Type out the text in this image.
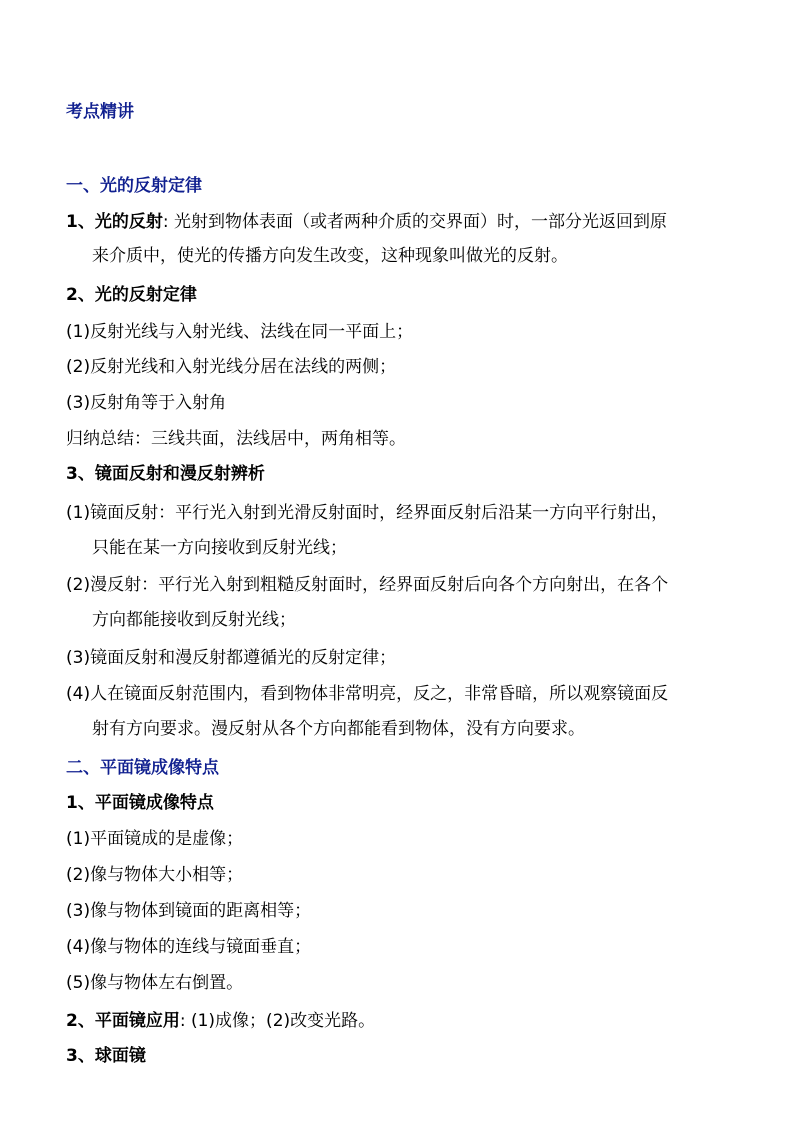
考点精讲
一、光的反射定律
1、光的反射: 光射到物体表面（或者两种介质的交界面）时，一部分光返回到原
来介质中，使光的传播方向发生改变，这种现象叫做光的反射。
2、光的反射定律
(1)反射光线与入射光线、法线在同一平面上；
(2)反射光线和入射光线分居在法线的两侧；
(3)反射角等于入射角
归纳总结：三线共面，法线居中，两角相等。
3、镜面反射和漫反射辨析
(1)镜面反射：平行光入射到光滑反射面时，经界面反射后沿某一方向平行射出，
只能在某一方向接收到反射光线；
(2)漫反射：平行光入射到粗糙反射面时，经界面反射后向各个方向射出，在各个
方向都能接收到反射光线；
(3)镜面反射和漫反射都遵循光的反射定律；
(4)人在镜面反射范围内，看到物体非常明亮，反之，非常昏暗，所以观察镜面反
射有方向要求。漫反射从各个方向都能看到物体，没有方向要求。
二、平面镜成像特点
1、平面镜成像特点
(1)平面镜成的是虚像；
(2)像与物体大小相等；
(3)像与物体到镜面的距离相等；
(4)像与物体的连线与镜面垂直；
(5)像与物体左右倒置。
2、平面镜应用: (1)成像；(2)改变光路。
3、球面镜
